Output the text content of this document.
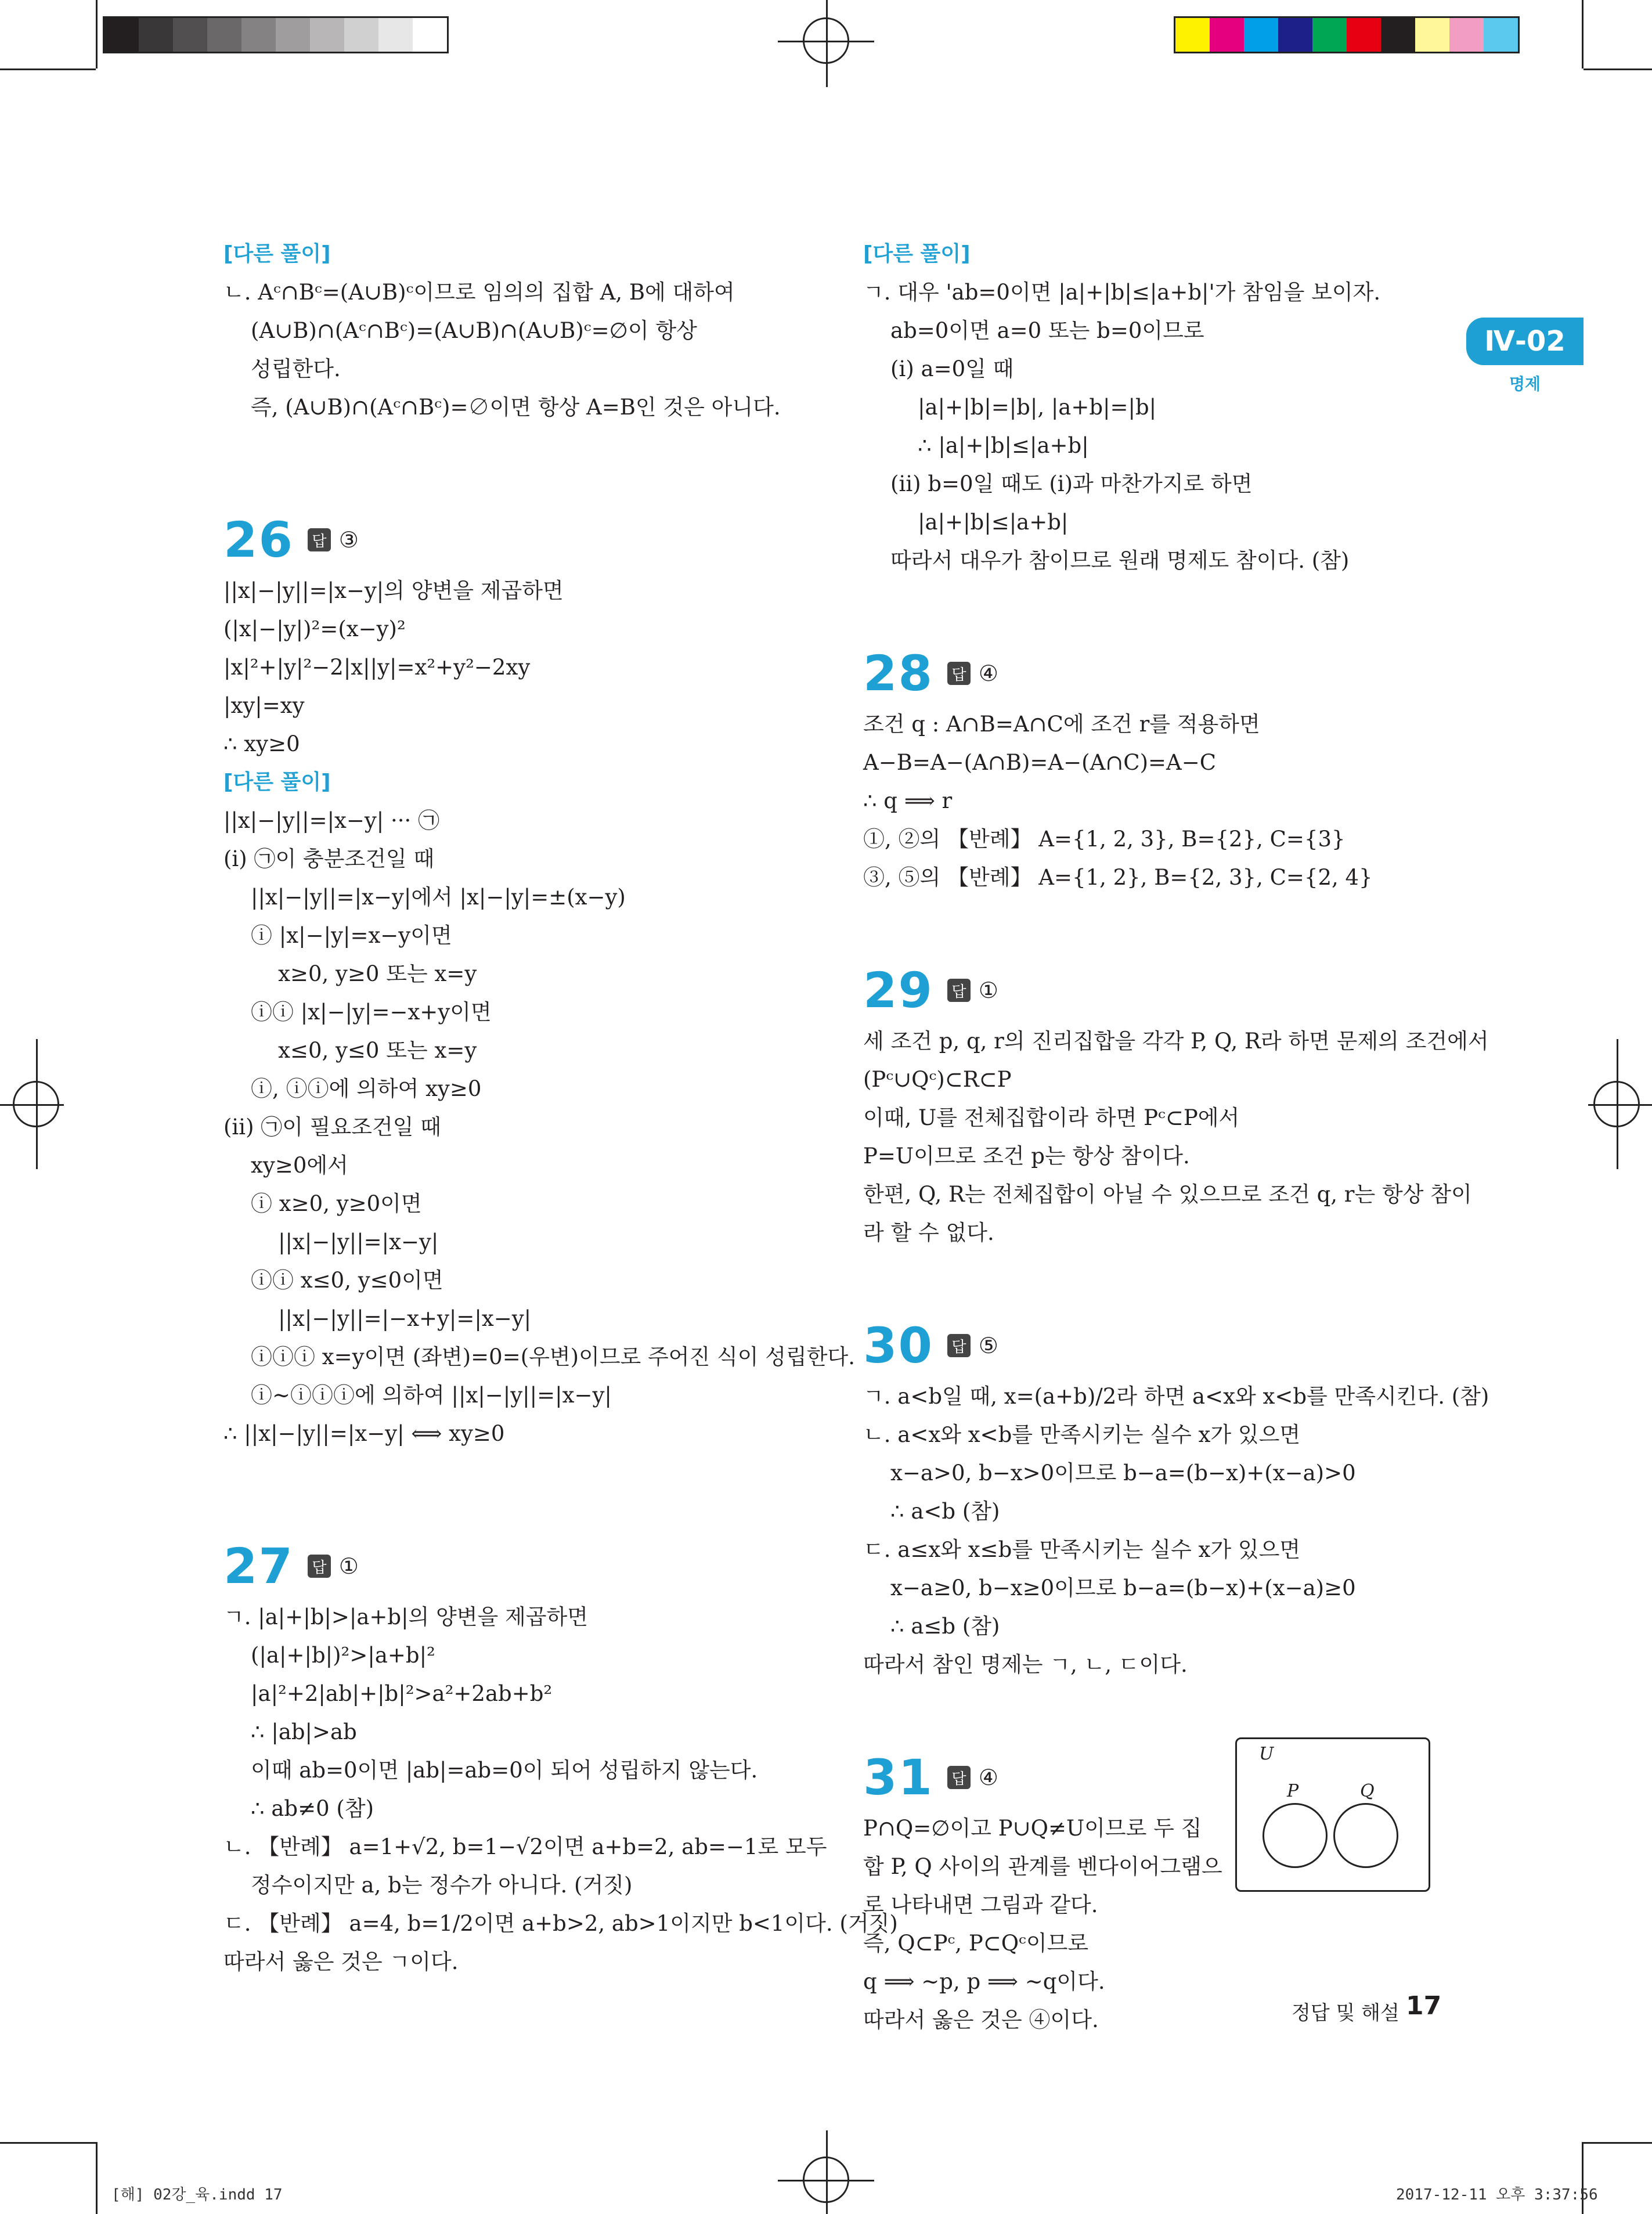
Ⅳ-02
명제
[다른 풀이]
ㄴ. Aᶜ∩Bᶜ=(A∪B)ᶜ이므로 임의의 집합 A, B에 대하여
(A∪B)∩(Aᶜ∩Bᶜ)=(A∪B)∩(A∪B)ᶜ=∅이 항상
성립한다.
즉, (A∪B)∩(Aᶜ∩Bᶜ)=∅이면 항상 A=B인 것은 아니다.
26 답 ③
||x|−|y||=|x−y|의 양변을 제곱하면
(|x|−|y|)²=(x−y)²
|x|²+|y|²−2|x||y|=x²+y²−2xy
|xy|=xy
∴ xy≥0
[다른 풀이]
||x|−|y||=|x−y| ··· ㉠
(ⅰ) ㉠이 충분조건일 때
||x|−|y||=|x−y|에서 |x|−|y|=±(x−y)
ⓘ |x|−|y|=x−y이면
x≥0, y≥0 또는 x=y
ⓘⓘ |x|−|y|=−x+y이면
x≤0, y≤0 또는 x=y
ⓘ, ⓘⓘ에 의하여 xy≥0
(ⅱ) ㉠이 필요조건일 때
xy≥0에서
ⓘ x≥0, y≥0이면
||x|−|y||=|x−y|
ⓘⓘ x≤0, y≤0이면
||x|−|y||=|−x+y|=|x−y|
ⓘⓘⓘ x=y이면 (좌변)=0=(우변)이므로 주어진 식이 성립한다.
ⓘ~ⓘⓘⓘ에 의하여 ||x|−|y||=|x−y|
∴ ||x|−|y||=|x−y| ⟺ xy≥0
27 답 ①
ㄱ. |a|+|b|>|a+b|의 양변을 제곱하면
(|a|+|b|)²>|a+b|²
|a|²+2|ab|+|b|²>a²+2ab+b²
∴ |ab|>ab
이때 ab=0이면 |ab|=ab=0이 되어 성립하지 않는다.
∴ ab≠0 (참)
ㄴ. 【반례】 a=1+√2, b=1−√2이면 a+b=2, ab=−1로 모두
정수이지만 a, b는 정수가 아니다. (거짓)
ㄷ. 【반례】 a=4, b=1/2이면 a+b>2, ab>1이지만 b<1이다. (거짓)
따라서 옳은 것은 ㄱ이다.
[다른 풀이]
ㄱ. 대우 'ab=0이면 |a|+|b|≤|a+b|'가 참임을 보이자.
ab=0이면 a=0 또는 b=0이므로
(ⅰ) a=0일 때
|a|+|b|=|b|, |a+b|=|b|
∴ |a|+|b|≤|a+b|
(ⅱ) b=0일 때도 (ⅰ)과 마찬가지로 하면
|a|+|b|≤|a+b|
따라서 대우가 참이므로 원래 명제도 참이다. (참)
28 답 ④
조건 q : A∩B=A∩C에 조건 r를 적용하면
A−B=A−(A∩B)=A−(A∩C)=A−C
∴ q ⟹ r
①, ②의 【반례】 A={1, 2, 3}, B={2}, C={3}
③, ⑤의 【반례】 A={1, 2}, B={2, 3}, C={2, 4}
29 답 ①
세 조건 p, q, r의 진리집합을 각각 P, Q, R라 하면 문제의 조건에서
(Pᶜ∪Qᶜ)⊂R⊂P
이때, U를 전체집합이라 하면 Pᶜ⊂P에서
P=U이므로 조건 p는 항상 참이다.
한편, Q, R는 전체집합이 아닐 수 있으므로 조건 q, r는 항상 참이
라 할 수 없다.
30 답 ⑤
ㄱ. a<b일 때, x=(a+b)/2라 하면 a<x와 x<b를 만족시킨다. (참)
ㄴ. a<x와 x<b를 만족시키는 실수 x가 있으면
x−a>0, b−x>0이므로 b−a=(b−x)+(x−a)>0
∴ a<b (참)
ㄷ. a≤x와 x≤b를 만족시키는 실수 x가 있으면
x−a≥0, b−x≥0이므로 b−a=(b−x)+(x−a)≥0
∴ a≤b (참)
따라서 참인 명제는 ㄱ, ㄴ, ㄷ이다.
31 답 ④
P∩Q=∅이고 P∪Q≠U이므로 두 집
합 P, Q 사이의 관계를 벤다이어그램으
로 나타내면 그림과 같다.
즉, Q⊂Pᶜ, P⊂Qᶜ이므로
q ⟹ ~p, p ⟹ ~q이다.
따라서 옳은 것은 ④이다.
U
P	Q
정답 및 해설 17
[해] 02강_육.indd 17	2017-12-11 오후 3:37:56
